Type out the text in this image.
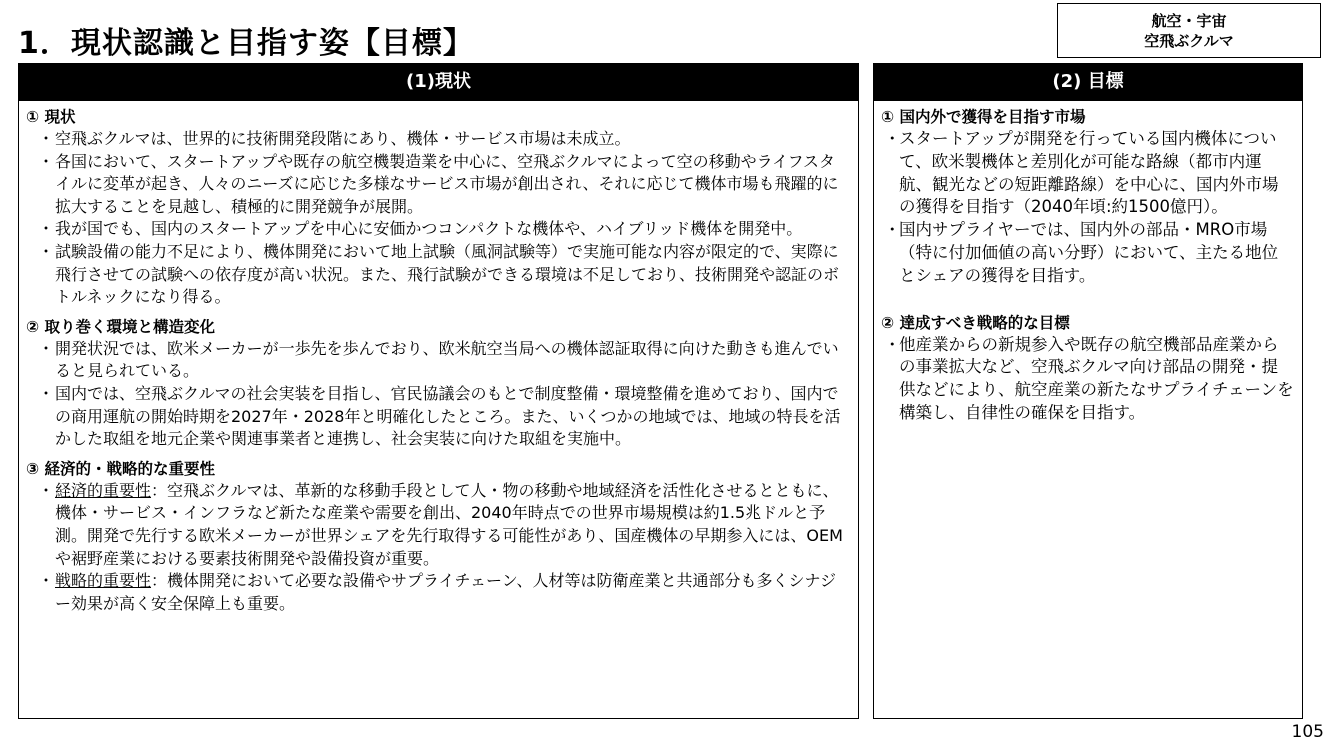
1．現状認識と目指す姿【目標】
航空・宇宙
空飛ぶクルマ
(1)現状
① 現状
・ 空飛ぶクルマは、世界的に技術開発段階にあり、機体・サービス市場は未成立。
・ 各国において、スタートアップや既存の航空機製造業を中心に、空飛ぶクルマによって空の移動やライフスタイルに変革が起き、人々のニーズに応じた多様なサービス市場が創出され、それに応じて機体市場も飛躍的に拡大することを見越し、積極的に開発競争が展開。
・ 我が国でも、国内のスタートアップを中心に安価かつコンパクトな機体や、ハイブリッド機体を開発中。
・ 試験設備の能力不足により、機体開発において地上試験（風洞試験等）で実施可能な内容が限定的で、実際に飛行させての試験への依存度が高い状況。また、飛行試験ができる環境は不足しており、技術開発や認証のボトルネックになり得る。
② 取り巻く環境と構造変化
・ 開発状況では、欧米メーカーが一歩先を歩んでおり、欧米航空当局への機体認証取得に向けた動きも進んでいると見られている。
・ 国内では、空飛ぶクルマの社会実装を目指し、官民協議会のもとで制度整備・環境整備を進めており、国内での商用運航の開始時期を2027年・2028年と明確化したところ。また、いくつかの地域では、地域の特長を活かした取組を地元企業や関連事業者と連携し、社会実装に向けた取組を実施中。
③ 経済的・戦略的な重要性
・ 経済的重要性：空飛ぶクルマは、革新的な移動手段として人・物の移動や地域経済を活性化させるとともに、機体・サービス・インフラなど新たな産業や需要を創出、2040年時点での世界市場規模は約1.5兆ドルと予測。開発で先行する欧米メーカーが世界シェアを先行取得する可能性があり、国産機体の早期参入には、OEMや裾野産業における要素技術開発や設備投資が重要。
・ 戦略的重要性：機体開発において必要な設備やサプライチェーン、人材等は防衛産業と共通部分も多くシナジー効果が高く安全保障上も重要。
(2) 目標
① 国内外で獲得を目指す市場
・
スタートアップが開発を行っている国内機体について、欧米製機体と差別化が可能な路線（都市内運航、観光などの短距離路線）を中心に、国内外市場の獲得を目指す（2040年頃:約1500億円）。
・
国内サプライヤーでは、国内外の部品・MRO市場（特に付加価値の高い分野）において、主たる地位とシェアの獲得を目指す。
② 達成すべき戦略的な目標
・
他産業からの新規参入や既存の航空機部品産業からの事業拡大など、空飛ぶクルマ向け部品の開発・提供などにより、航空産業の新たなサプライチェーンを構築し、自律性の確保を目指す。
105
